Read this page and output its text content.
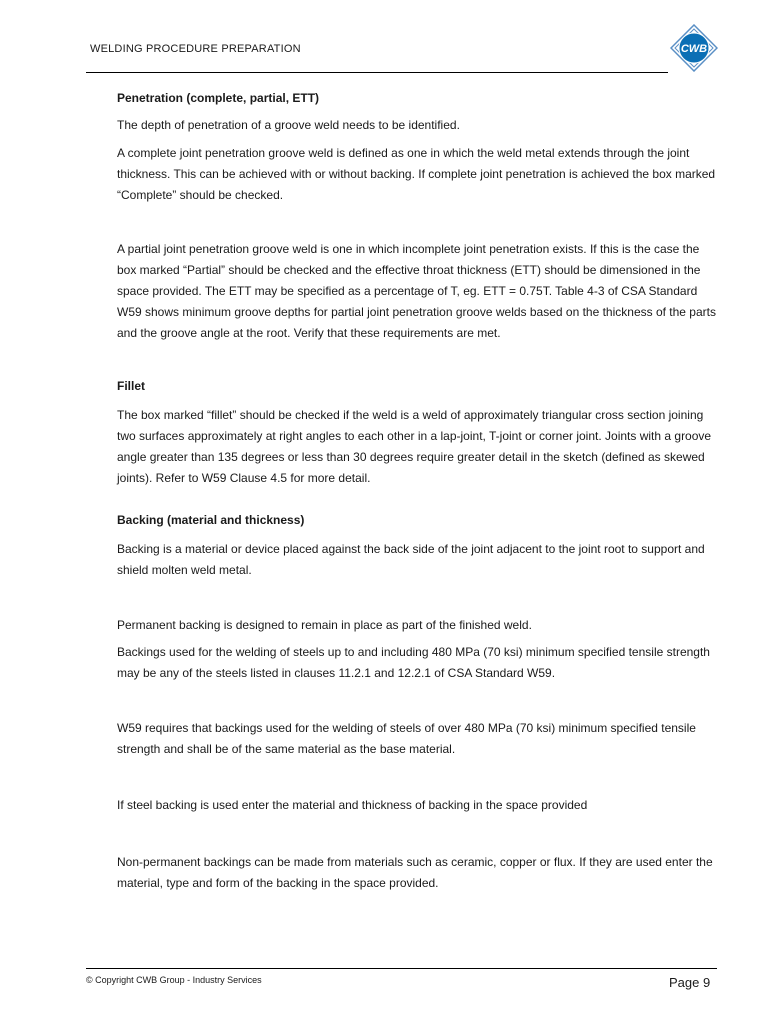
WELDING PROCEDURE PREPARATION	CWB
Penetration (complete, partial, ETT)

The depth of penetration of a groove weld needs to be identified.

A complete joint penetration groove weld is defined as one in which the weld metal extends through the joint thickness. This can be achieved with or without backing. If complete joint penetration is achieved the box marked “Complete” should be checked.

A partial joint penetration groove weld is one in which incomplete joint penetration exists. If this is the case the box marked “Partial” should be checked and the effective throat thickness (ETT) should be dimensioned in the space provided. The ETT may be specified as a percentage of T, eg. ETT = 0.75T. Table 4-3 of CSA Standard W59 shows minimum groove depths for partial joint penetration groove welds based on the thickness of the parts and the groove angle at the root. Verify that these requirements are met.

Fillet

The box marked “fillet” should be checked if the weld is a weld of approximately triangular cross section joining two surfaces approximately at right angles to each other in a lap-joint, T-joint or corner joint. Joints with a groove angle greater than 135 degrees or less than 30 degrees require greater detail in the sketch (defined as skewed joints). Refer to W59 Clause 4.5 for more detail.

Backing (material and thickness)

Backing is a material or device placed against the back side of the joint adjacent to the joint root to support and shield molten weld metal.

Permanent backing is designed to remain in place as part of the finished weld.

Backings used for the welding of steels up to and including 480 MPa (70 ksi) minimum specified tensile strength may be any of the steels listed in clauses 11.2.1 and 12.2.1 of CSA Standard W59.

W59 requires that backings used for the welding of steels of over 480 MPa (70 ksi) minimum specified tensile strength and shall be of the same material as the base material.

If steel backing is used enter the material and thickness of backing in the space provided

Non-permanent backings can be made from materials such as ceramic, copper or flux. If they are used enter the material, type and form of the backing in the space provided.

© Copyright CWB Group - Industry Services	Page 9
